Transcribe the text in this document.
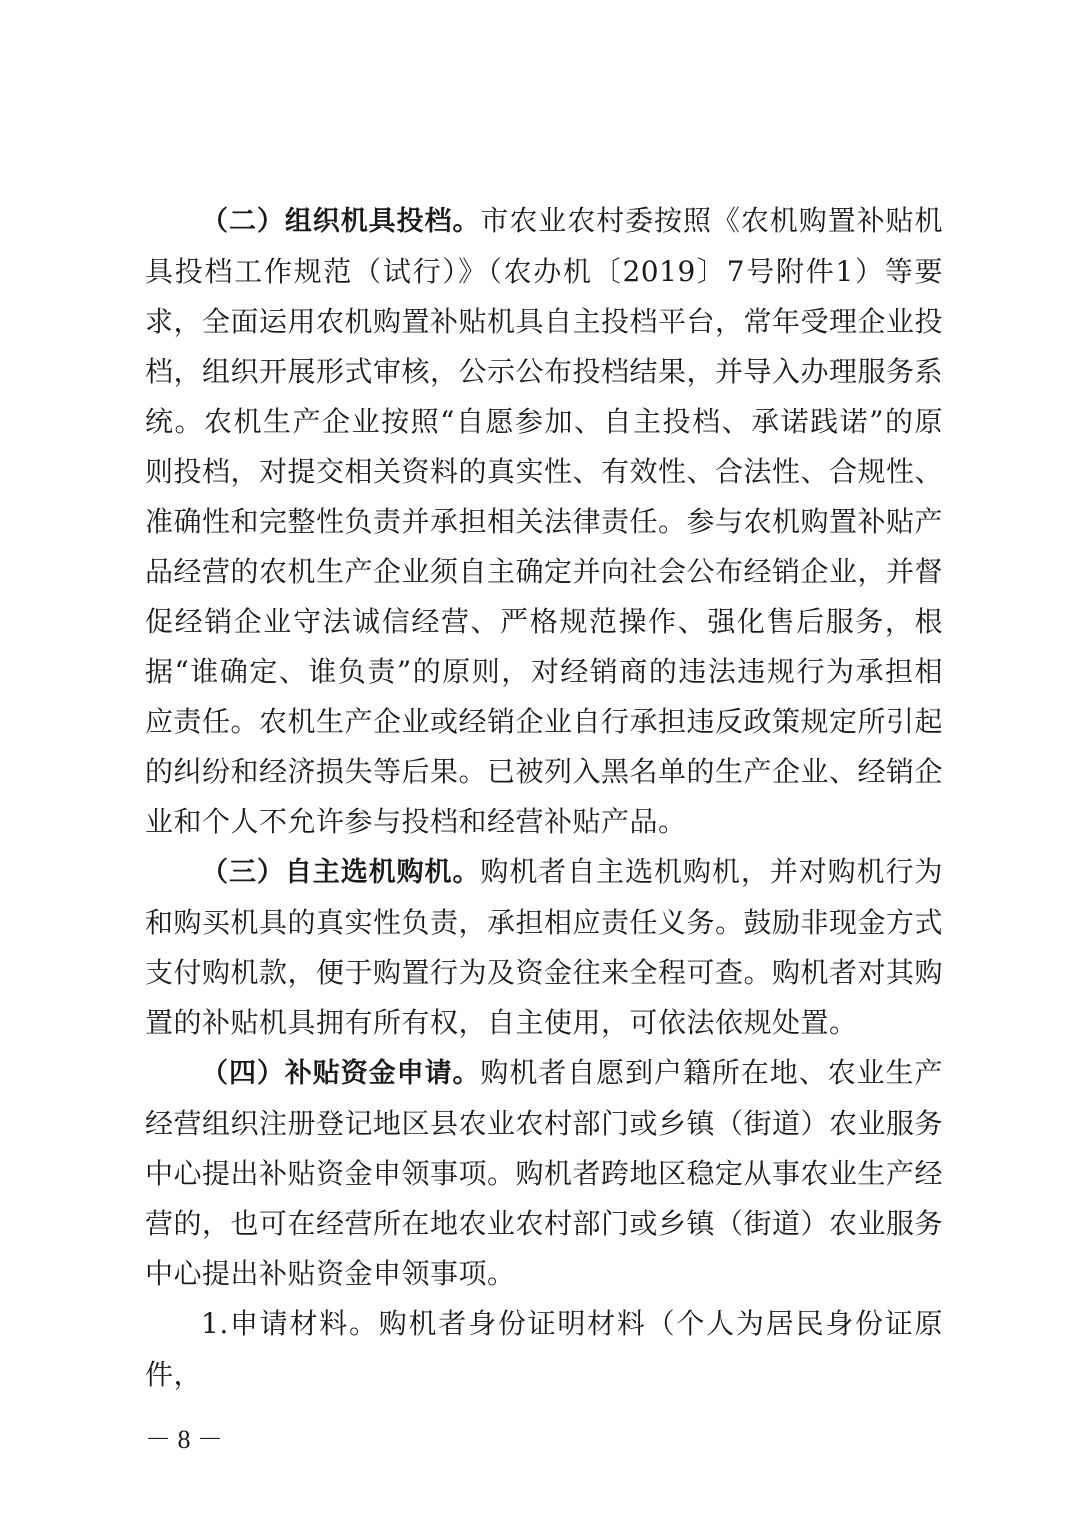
（二）组织机具投档。市农业农村委按照《农机购置补贴机具投档工作规范（试行）》（农办机〔2019〕7号附件1）等要求，全面运用农机购置补贴机具自主投档平台，常年受理企业投档，组织开展形式审核，公示公布投档结果，并导入办理服务系统。农机生产企业按照“自愿参加、自主投档、承诺践诺”的原则投档，对提交相关资料的真实性、有效性、合法性、合规性、准确性和完整性负责并承担相关法律责任。参与农机购置补贴产品经营的农机生产企业须自主确定并向社会公布经销企业，并督促经销企业守法诚信经营、严格规范操作、强化售后服务，根据“谁确定、谁负责”的原则，对经销商的违法违规行为承担相应责任。农机生产企业或经销企业自行承担违反政策规定所引起的纠纷和经济损失等后果。已被列入黑名单的生产企业、经销企业和个人不允许参与投档和经营补贴产品。

（三）自主选机购机。购机者自主选机购机，并对购机行为和购买机具的真实性负责，承担相应责任义务。鼓励非现金方式支付购机款，便于购置行为及资金往来全程可查。购机者对其购置的补贴机具拥有所有权，自主使用，可依法依规处置。

（四）补贴资金申请。购机者自愿到户籍所在地、农业生产经营组织注册登记地区县农业农村部门或乡镇（街道）农业服务中心提出补贴资金申领事项。购机者跨地区稳定从事农业生产经营的，也可在经营所在地农业农村部门或乡镇（街道）农业服务中心提出补贴资金申领事项。

1.申请材料。购机者身份证明材料（个人为居民身份证原件，

－ 8 －
